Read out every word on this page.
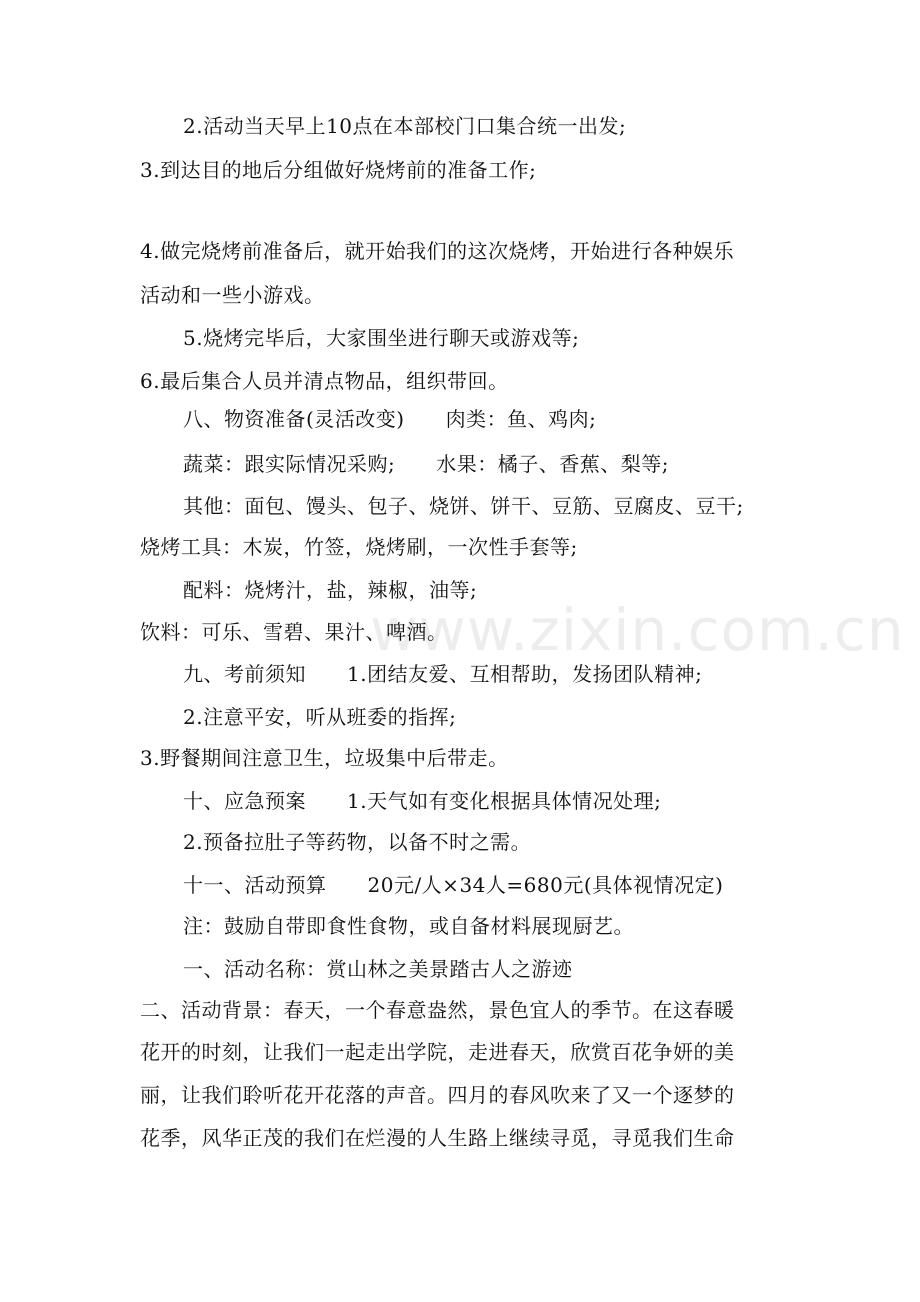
www.zixin.com.cn
2.活动当天早上10点在本部校门口集合统一出发;
3.到达目的地后分组做好烧烤前的准备工作;
4.做完烧烤前准备后，就开始我们的这次烧烤，开始进行各种娱乐
活动和一些小游戏。
5.烧烤完毕后，大家围坐进行聊天或游戏等;
6.最后集合人员并清点物品，组织带回。
八、物资准备(灵活改变)　　肉类：鱼、鸡肉;
蔬菜：跟实际情况采购;　　水果：橘子、香蕉、梨等;
其他：面包、馒头、包子、烧饼、饼干、豆筋、豆腐皮、豆干;
烧烤工具：木炭，竹签，烧烤刷，一次性手套等;
配料：烧烤汁，盐，辣椒，油等;
饮料：可乐、雪碧、果汁、啤酒。
九、考前须知　　1.团结友爱、互相帮助，发扬团队精神;
2.注意平安，听从班委的指挥;
3.野餐期间注意卫生，垃圾集中后带走。
十、应急预案　　1.天气如有变化根据具体情况处理;
2.预备拉肚子等药物，以备不时之需。
十一、活动预算　　20元/人×34人=680元(具体视情况定)
注：鼓励自带即食性食物，或自备材料展现厨艺。
一、活动名称：赏山林之美景踏古人之游迹
二、活动背景：春天，一个春意盎然，景色宜人的季节。在这春暖
花开的时刻，让我们一起走出学院，走进春天，欣赏百花争妍的美
丽，让我们聆听花开花落的声音。四月的春风吹来了又一个逐梦的
花季，风华正茂的我们在烂漫的人生路上继续寻觅，寻觅我们生命
